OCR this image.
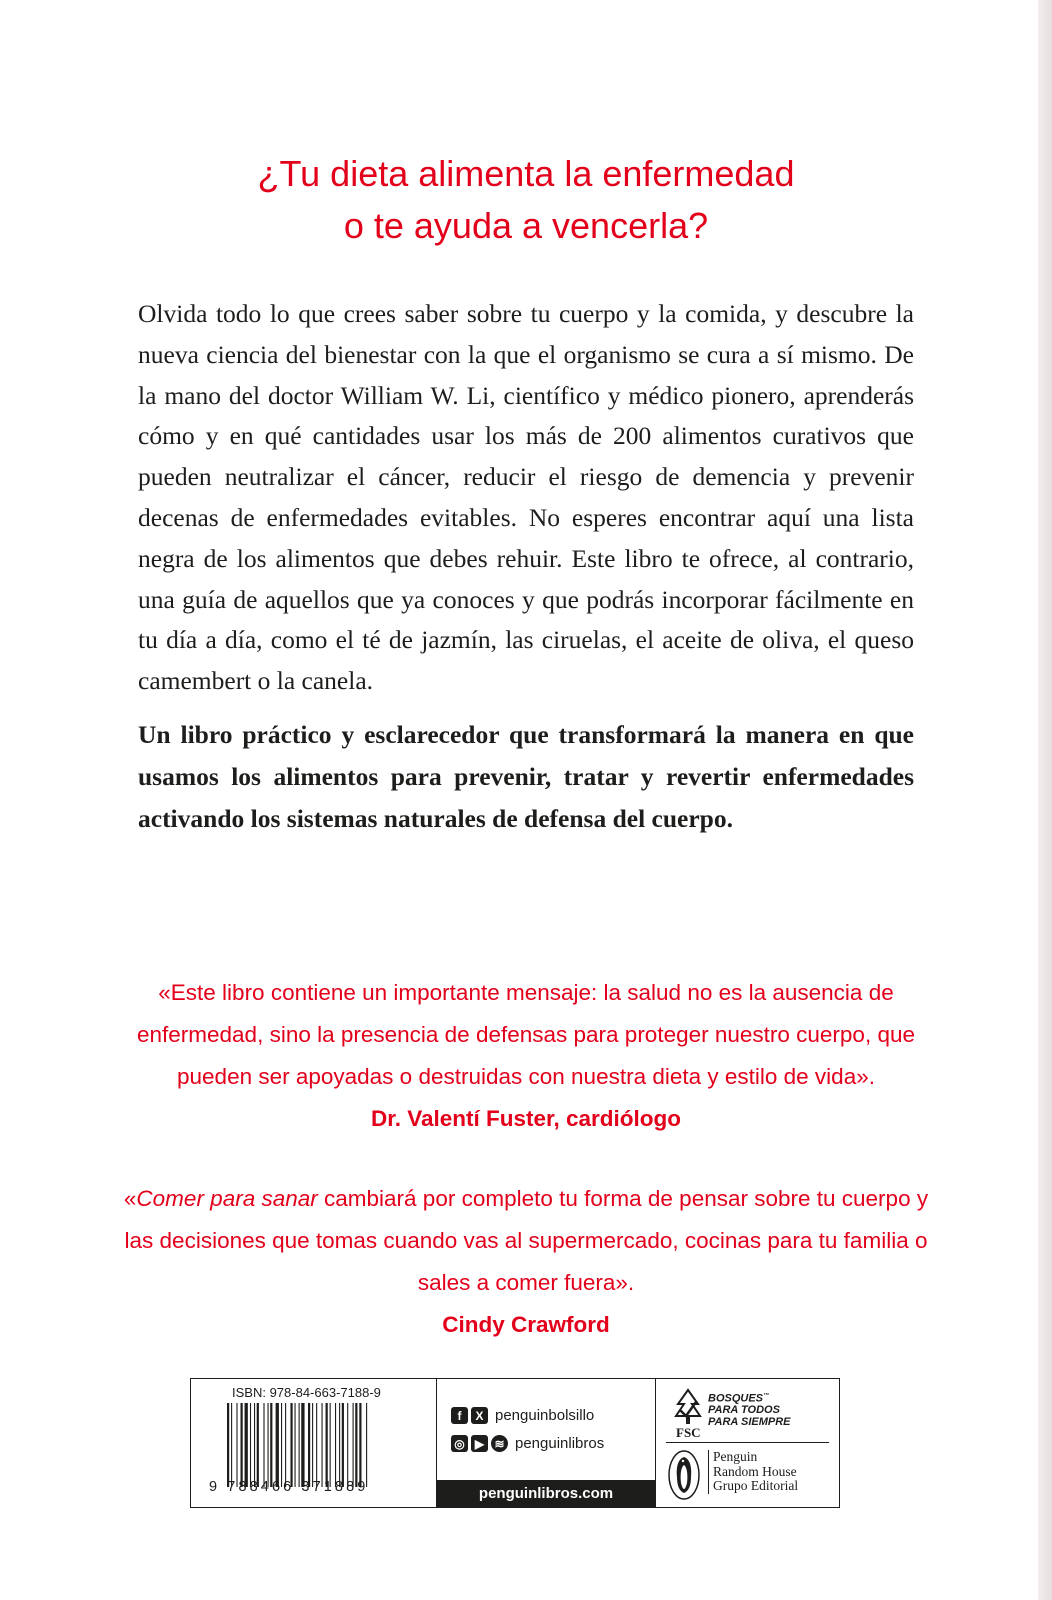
¿Tu dieta alimenta la enfermedad
o te ayuda a vencerla?

Olvida todo lo que crees saber sobre tu cuerpo y la comida, y descubre la nueva ciencia del bienestar con la que el organismo se cura a sí mismo. De la mano del doctor William W. Li, científico y médico pionero, aprenderás cómo y en qué cantidades usar los más de 200 alimentos curativos que pueden neutralizar el cáncer, reducir el riesgo de demencia y prevenir decenas de enfermedades evitables. No esperes encontrar aquí una lista negra de los alimentos que debes rehuir. Este libro te ofrece, al contrario, una guía de aquellos que ya conoces y que podrás incorporar fácilmente en tu día a día, como el té de jazmín, las ciruelas, el aceite de oliva, el queso camembert o la canela.

Un libro práctico y esclarecedor que transformará la manera en que usamos los alimentos para prevenir, tratar y revertir enfermedades activando los sistemas naturales de defensa del cuerpo.

«Este libro contiene un importante mensaje: la salud no es la ausencia de enfermedad, sino la presencia de defensas para proteger nuestro cuerpo, que pueden ser apoyadas o destruidas con nuestra dieta y estilo de vida».

Dr. Valentí Fuster, cardiólogo

«Comer para sanar cambiará por completo tu forma de pensar sobre tu cuerpo y las decisiones que tomas cuando vas al supermercado, cocinas para tu familia o sales a comer fuera».

Cindy Crawford

ISBN: 978-84-663-7188-9
9 788466 371889
f	X penguinbolsillo
◎ ▶ ≋ penguinlibros
penguinlibros.com
FSC
BOSQUES™
PARA TODOS
PARA SIEMPRE
Penguin
Random House
Grupo Editorial
